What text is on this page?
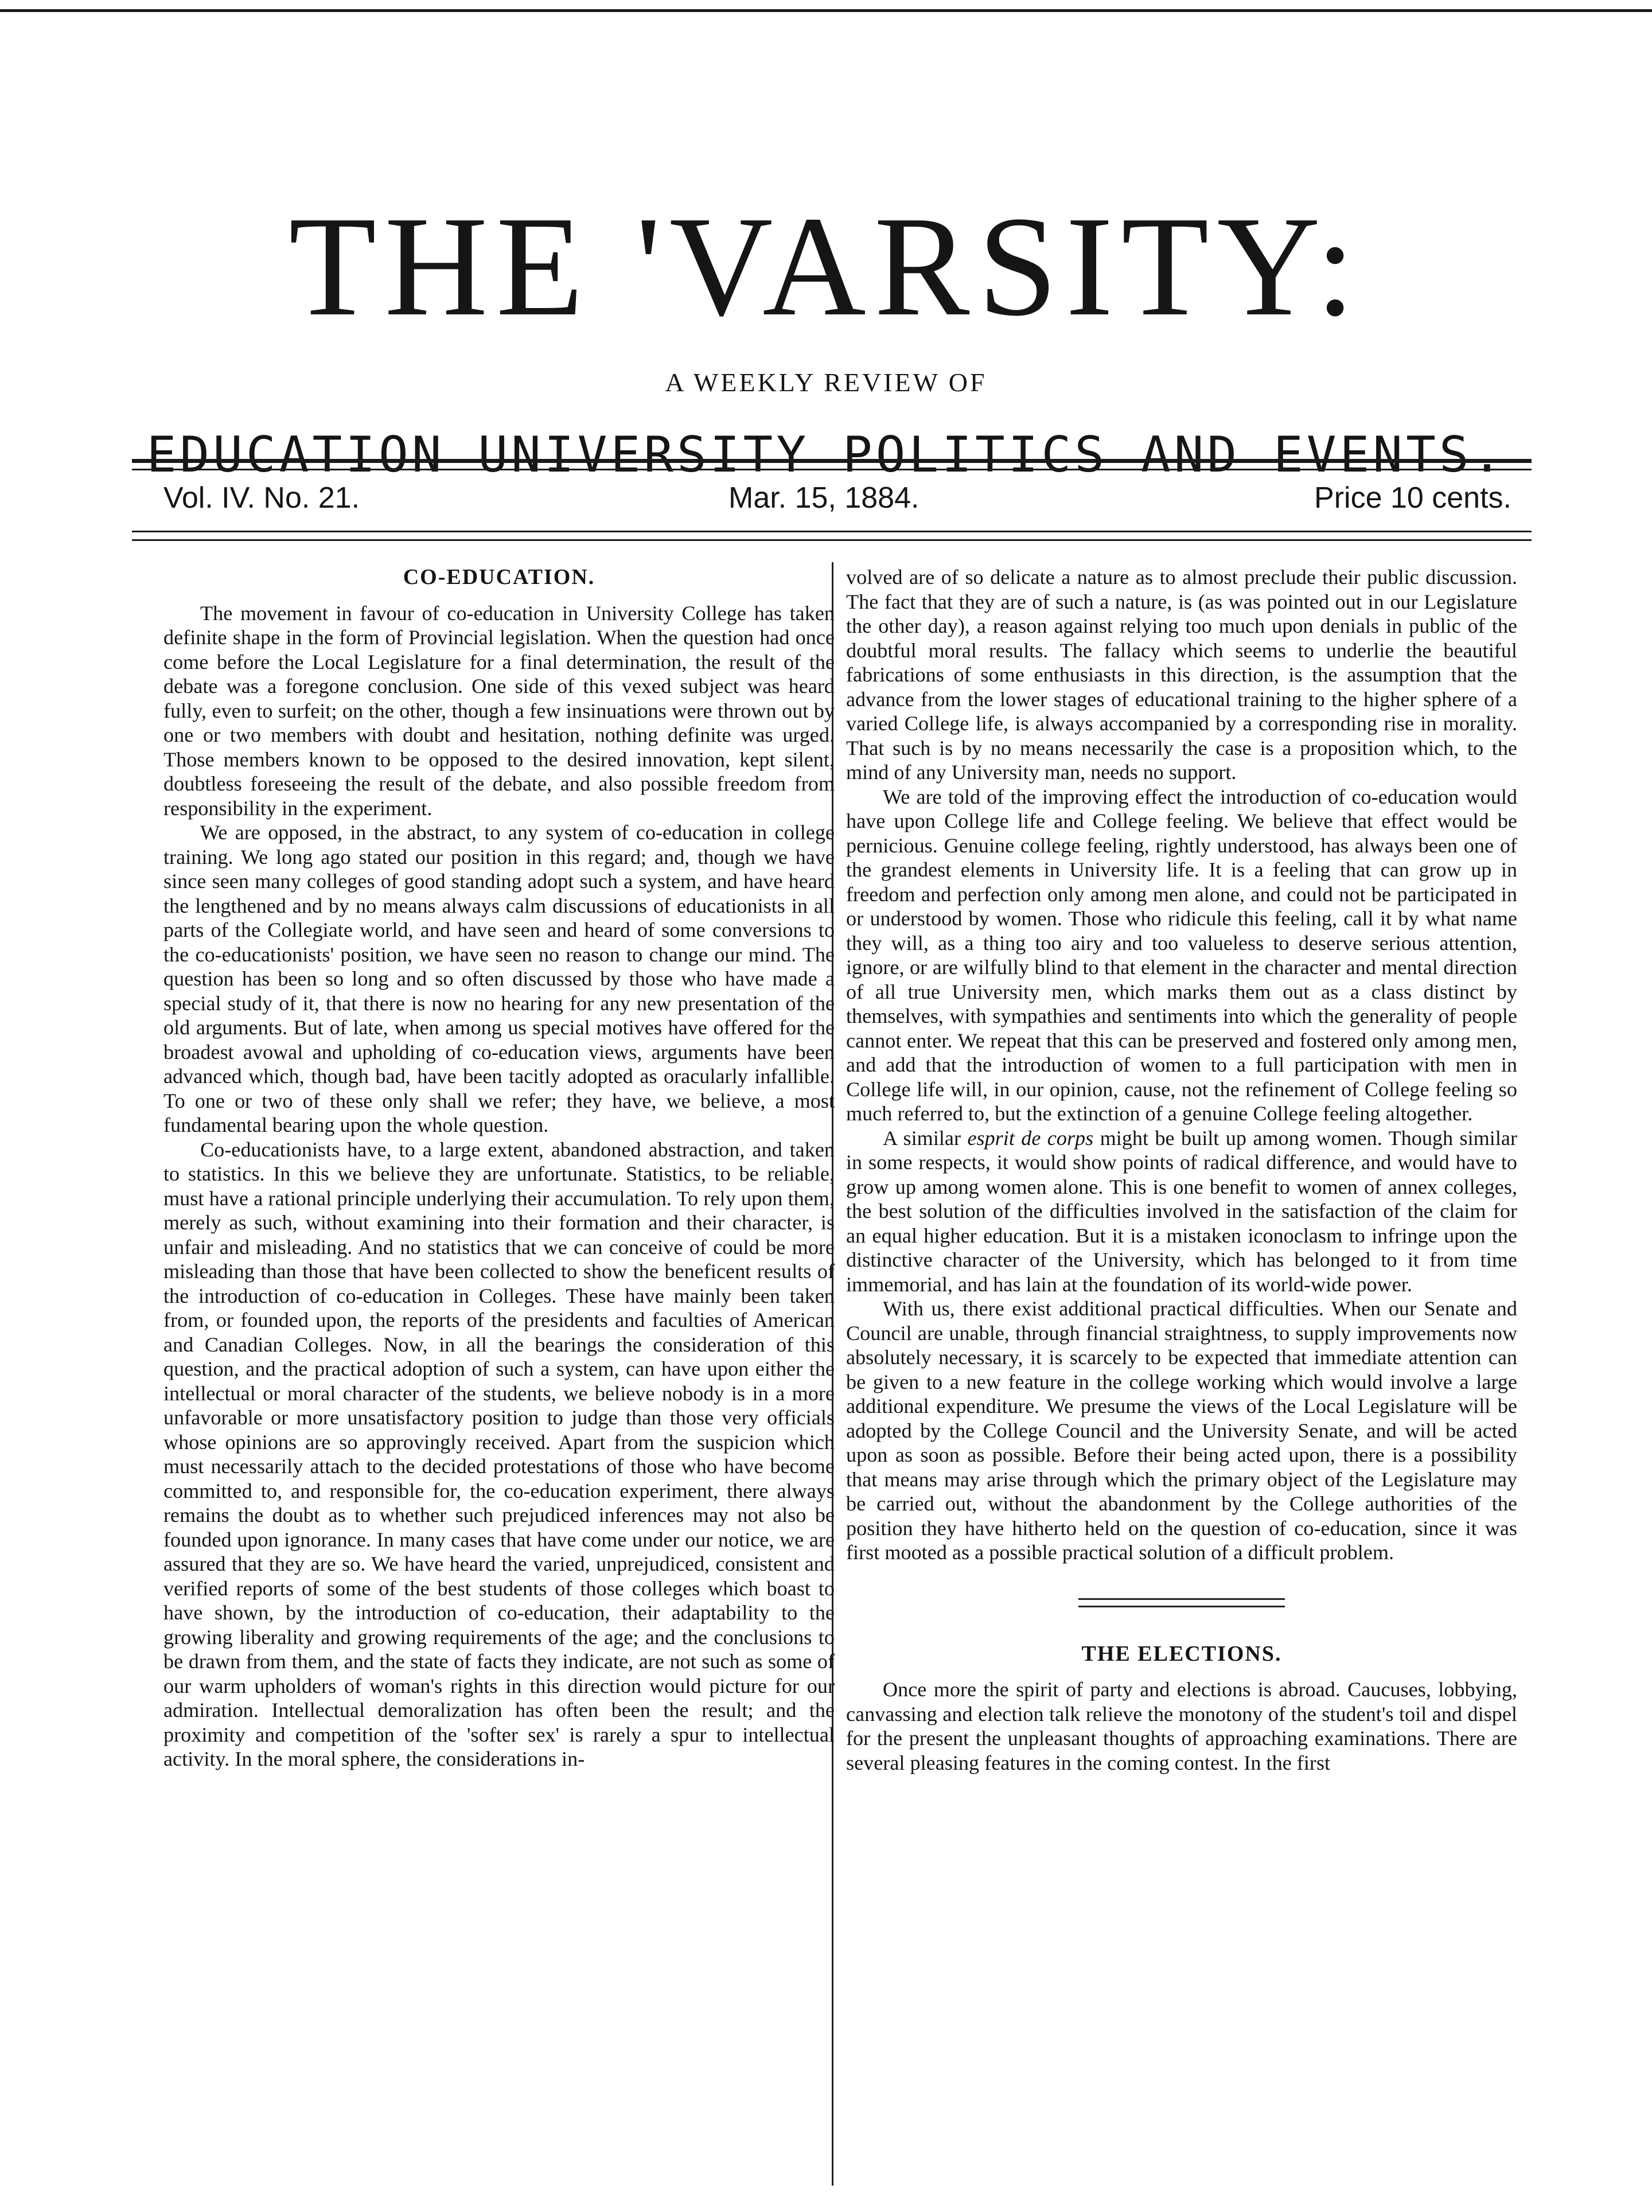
THE 'VARSITY:
A WEEKLY REVIEW OF
EDUCATION UNIVERSITY POLITICS AND EVENTS.
Vol. IV. No. 21.	Mar. 15, 1884.	Price 10 cents.
CO-EDUCATION.

The movement in favour of co-education in University College has taken definite shape in the form of Provincial legislation. When the question had once come before the Local Legislature for a final determination, the result of the debate was a foregone conclusion. One side of this vexed subject was heard fully, even to surfeit; on the other, though a few insinuations were thrown out by one or two members with doubt and hesitation, nothing definite was urged. Those members known to be opposed to the desired innovation, kept silent, doubtless foreseeing the result of the debate, and also possible freedom from responsibility in the experiment.

We are opposed, in the abstract, to any system of co-education in college training. We long ago stated our position in this regard; and, though we have since seen many colleges of good standing adopt such a system, and have heard the lengthened and by no means always calm discussions of educationists in all parts of the Collegiate world, and have seen and heard of some conversions to the co-educationists' position, we have seen no reason to change our mind. The question has been so long and so often discussed by those who have made a special study of it, that there is now no hearing for any new presentation of the old arguments. But of late, when among us special motives have offered for the broadest avowal and upholding of co-education views, arguments have been advanced which, though bad, have been tacitly adopted as oracularly infallible. To one or two of these only shall we refer; they have, we believe, a most fundamental bearing upon the whole question.

Co-educationists have, to a large extent, abandoned abstraction, and taken to statistics. In this we believe they are unfortunate. Statistics, to be reliable, must have a rational principle underlying their accumulation. To rely upon them, merely as such, without examining into their formation and their character, is unfair and misleading. And no statistics that we can conceive of could be more misleading than those that have been collected to show the beneficent results of the introduction of co-education in Colleges. These have mainly been taken from, or founded upon, the reports of the presidents and faculties of American and Canadian Colleges. Now, in all the bearings the consideration of this question, and the practical adoption of such a system, can have upon either the intellectual or moral character of the students, we believe nobody is in a more unfavorable or more unsatisfactory position to judge than those very officials whose opinions are so approvingly received. Apart from the suspicion which must necessarily attach to the decided protestations of those who have become committed to, and responsible for, the co-education experiment, there always remains the doubt as to whether such prejudiced inferences may not also be founded upon ignorance. In many cases that have come under our notice, we are assured that they are so. We have heard the varied, unprejudiced, consistent and verified reports of some of the best students of those colleges which boast to have shown, by the introduction of co-education, their adaptability to the growing liberality and growing requirements of the age; and the conclusions to be drawn from them, and the state of facts they indicate, are not such as some of our warm upholders of woman's rights in this direction would picture for our admiration. Intellectual demoralization has often been the result; and the proximity and competition of the 'softer sex' is rarely a spur to intellectual activity. In the moral sphere, the considerations in-

volved are of so delicate a nature as to almost preclude their public discussion. The fact that they are of such a nature, is (as was pointed out in our Legislature the other day), a reason against relying too much upon denials in public of the doubtful moral results. The fallacy which seems to underlie the beautiful fabrications of some enthusiasts in this direction, is the assumption that the advance from the lower stages of educational training to the higher sphere of a varied College life, is always accompanied by a corresponding rise in morality. That such is by no means necessarily the case is a proposition which, to the mind of any University man, needs no support.

We are told of the improving effect the introduction of co-education would have upon College life and College feeling. We believe that effect would be pernicious. Genuine college feeling, rightly understood, has always been one of the grandest elements in University life. It is a feeling that can grow up in freedom and perfection only among men alone, and could not be participated in or understood by women. Those who ridicule this feeling, call it by what name they will, as a thing too airy and too valueless to deserve serious attention, ignore, or are wilfully blind to that element in the character and mental direction of all true University men, which marks them out as a class distinct by themselves, with sympathies and sentiments into which the generality of people cannot enter. We repeat that this can be preserved and fostered only among men, and add that the introduction of women to a full participation with men in College life will, in our opinion, cause, not the refinement of College feeling so much referred to, but the extinction of a genuine College feeling altogether.

A similar esprit de corps might be built up among women. Though similar in some respects, it would show points of radical difference, and would have to grow up among women alone. This is one benefit to women of annex colleges, the best solution of the difficulties involved in the satisfaction of the claim for an equal higher education. But it is a mistaken iconoclasm to infringe upon the distinctive character of the University, which has belonged to it from time immemorial, and has lain at the foundation of its world-wide power.

With us, there exist additional practical difficulties. When our Senate and Council are unable, through financial straightness, to supply improvements now absolutely necessary, it is scarcely to be expected that immediate attention can be given to a new feature in the college working which would involve a large additional expenditure. We presume the views of the Local Legislature will be adopted by the College Council and the University Senate, and will be acted upon as soon as possible. Before their being acted upon, there is a possibility that means may arise through which the primary object of the Legislature may be carried out, without the abandonment by the College authorities of the position they have hitherto held on the question of co-education, since it was first mooted as a possible practical solution of a difficult problem.

THE ELECTIONS.

Once more the spirit of party and elections is abroad. Caucuses, lobbying, canvassing and election talk relieve the monotony of the student's toil and dispel for the present the unpleasant thoughts of approaching examinations. There are several pleasing features in the coming contest. In the first
